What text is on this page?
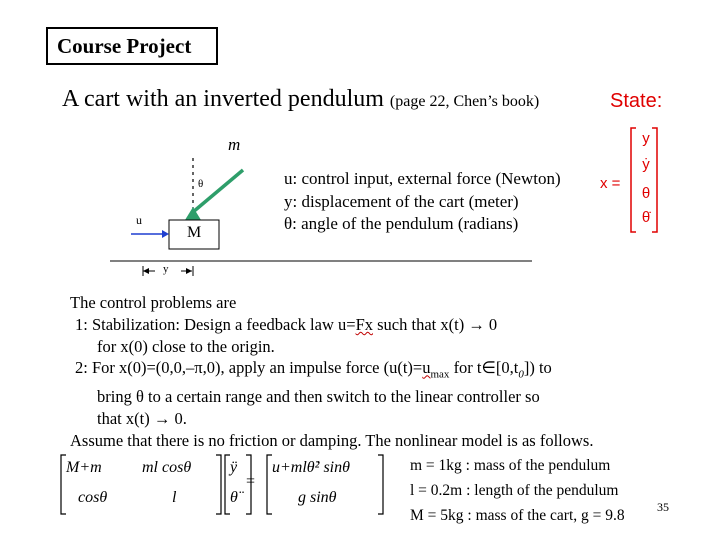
Course Project
A cart with an inverted pendulum (page 22, Chen’s book)	State:
x =
y
ẏ
θ
θ̇
m
θ
u
M
y
u: control input, external force (Newton)
y: displacement of the cart (meter)
θ: angle of the pendulum (radians)
The control problems are
1: Stabilization: Design a feedback law u=Fx such that x(t) → 0
for x(0) close to the origin.
2: For x(0)=(0,0,–π,0), apply an impulse force ($u(t)=u_{max}$ for $t\in[0,t_0]$) to
bring θ to a certain range and then switch to the linear controller so
that x(t) → 0.
Assume that there is no friction or damping. The nonlinear model is as follows.
M+m	ml cosθ
cosθ	l
ÿ
θ̈
=
u+mlθ̇² sinθ
g sinθ
m = 1kg : mass of the pendulum
l = 0.2m : length of the pendulum
M = 5kg : mass of the cart, g = 9.8	35
